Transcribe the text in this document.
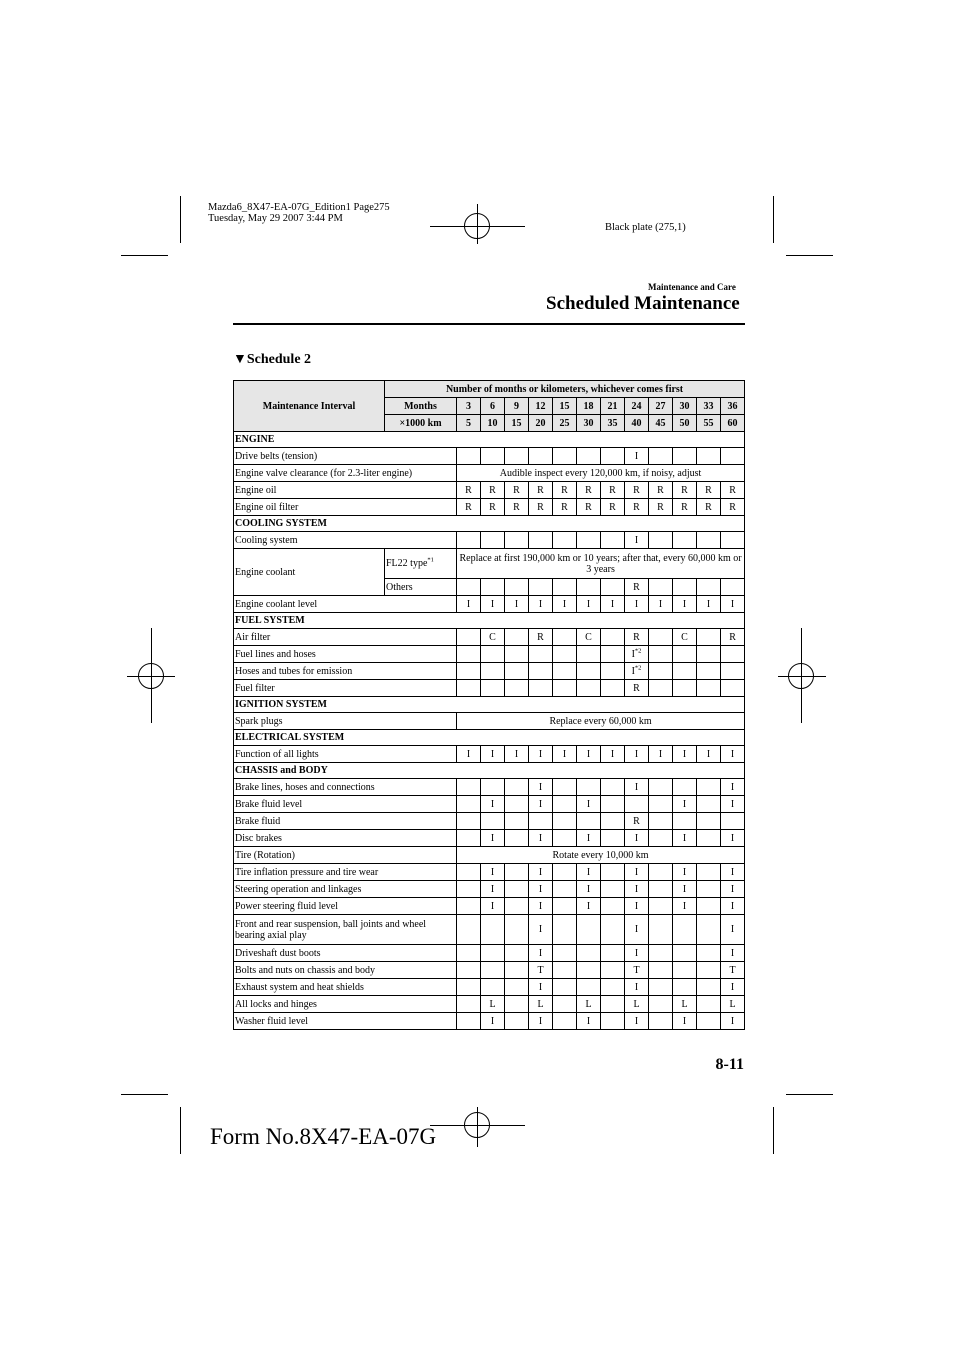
Mazda6_8X47-EA-07G_Edition1 Page275
Tuesday, May 29 2007 3:44 PM
Black plate (275,1)
Maintenance and Care
Scheduled Maintenance
▼Schedule 2
Maintenance Interval	Number of months or kilometers, whichever comes first												
	Months	3	6	9	12	15	18	21	24	27	30	33	36
	×1000 km	5	10	15	20	25	30	35	40	45	50	55	60
ENGINE													
Drive belts (tension)									I				
Engine valve clearance (for 2.3-liter engine)		Audible inspect every 120,000 km, if noisy, adjust											
Engine oil		R	R	R	R	R	R	R	R	R	R	R	R
Engine oil filter		R	R	R	R	R	R	R	R	R	R	R	R
COOLING SYSTEM													
Cooling system									I				
Engine coolant	FL22 type$^{*1}$	Replace at first 190,000 km or 10 years; after that, every 60,000 km or 3 years											
	Others								R				
Engine coolant level		I	I	I	I	I	I	I	I	I	I	I	I
FUEL SYSTEM													
Air filter			C		R		C		R		C		R
Fuel lines and hoses									$I^{*2}$				
Hoses and tubes for emission									$I^{*2}$				
Fuel filter									R				
IGNITION SYSTEM													
Spark plugs		Replace every 60,000 km											
ELECTRICAL SYSTEM													
Function of all lights		I	I	I	I	I	I	I	I	I	I	I	I
CHASSIS and BODY													
Brake lines, hoses and connections					I				I				I
Brake fluid level			I		I		I				I		I
Brake fluid									R				
Disc brakes			I		I		I		I		I		I
Tire (Rotation)		Rotate every 10,000 km											
Tire inflation pressure and tire wear			I		I		I		I		I		I
Steering operation and linkages			I		I		I		I		I		I
Power steering fluid level			I		I		I		I		I		I
Front and rear suspension, ball joints and wheel bearing axial play					I				I				I
Driveshaft dust boots					I				I				I
Bolts and nuts on chassis and body					T				T				T
Exhaust system and heat shields					I				I				I
All locks and hinges			L		L		L		L		L		L
Washer fluid level			I		I		I		I		I		I
8-11
Form No.8X47-EA-07G
